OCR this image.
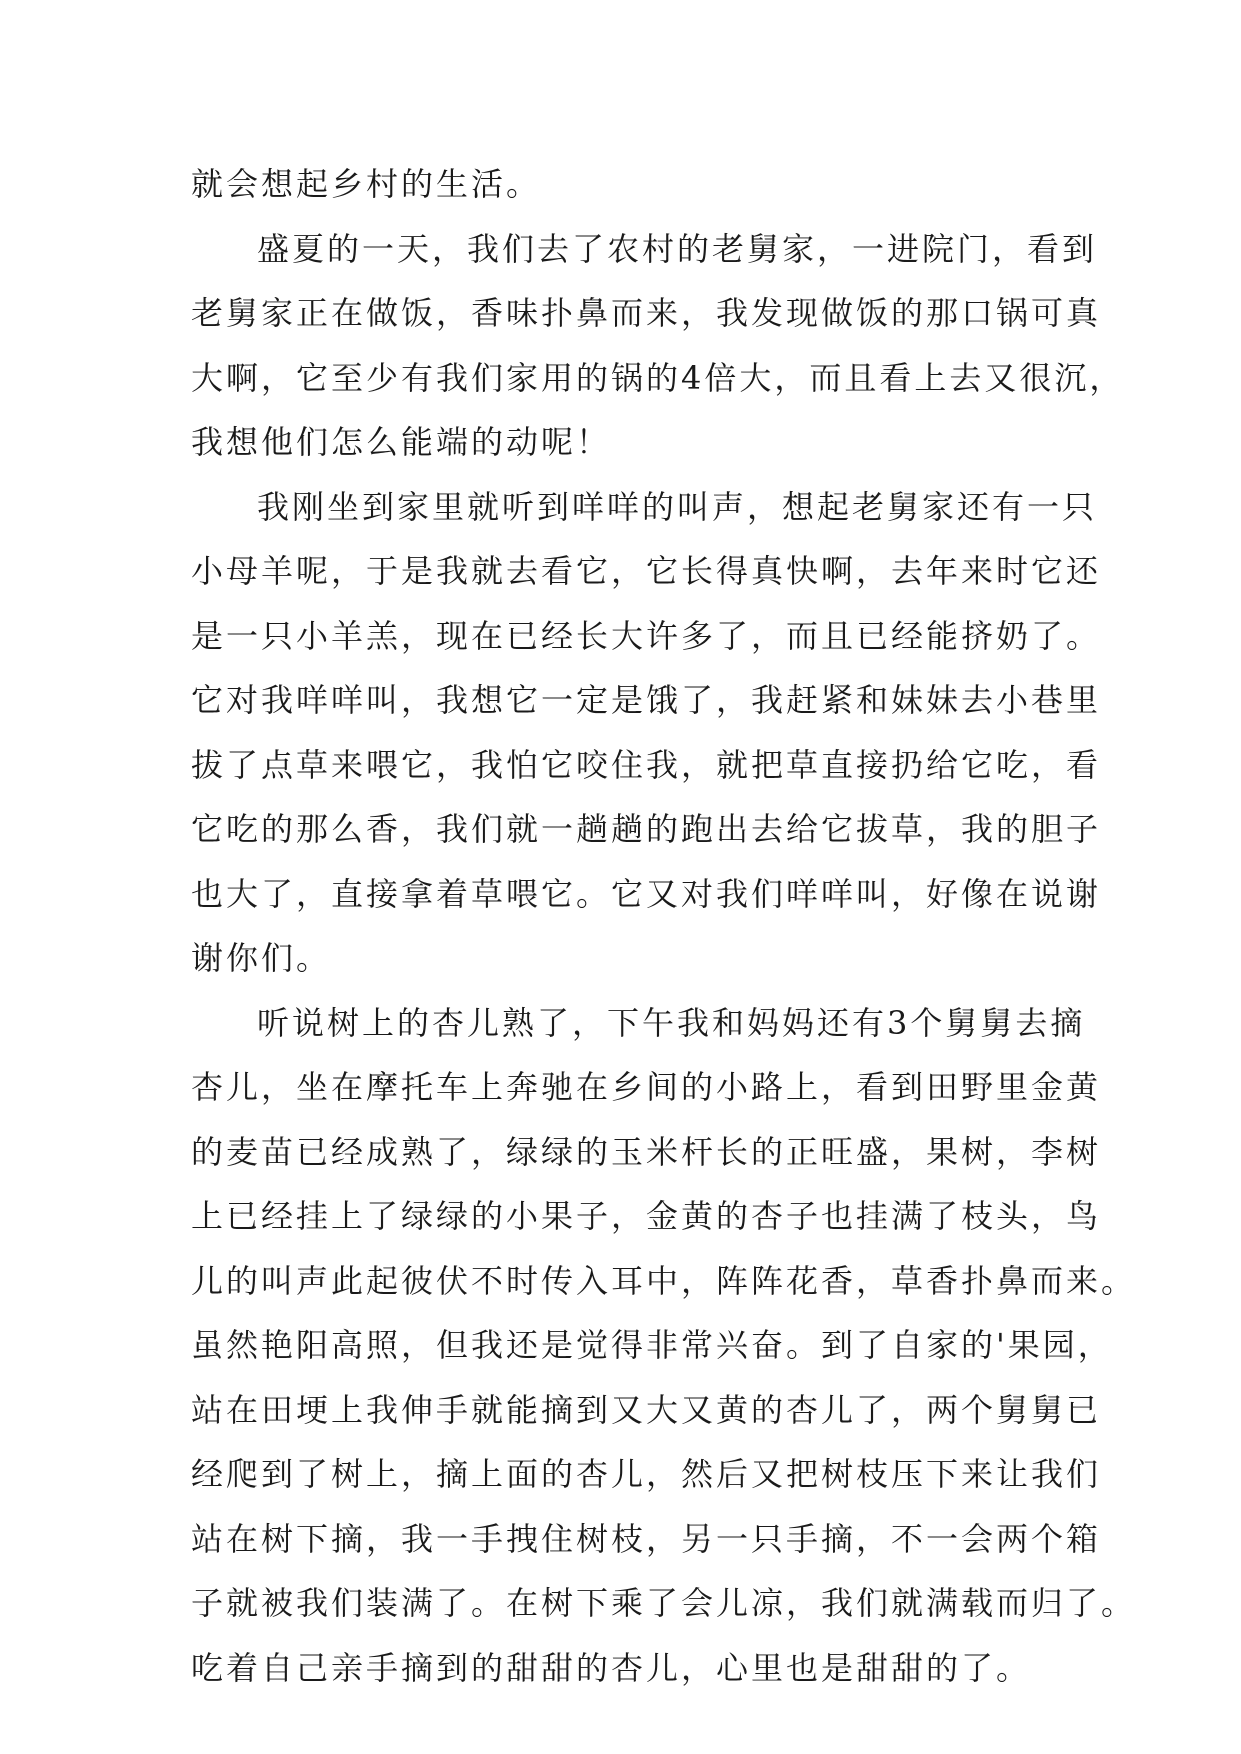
就会想起乡村的生活。
盛夏的一天，我们去了农村的老舅家，一进院门，看到
老舅家正在做饭，香味扑鼻而来，我发现做饭的那口锅可真
大啊，它至少有我们家用的锅的4倍大，而且看上去又很沉，
我想他们怎么能端的动呢！
我刚坐到家里就听到咩咩的叫声，想起老舅家还有一只
小母羊呢，于是我就去看它，它长得真快啊，去年来时它还
是一只小羊羔，现在已经长大许多了，而且已经能挤奶了。
它对我咩咩叫，我想它一定是饿了，我赶紧和妹妹去小巷里
拔了点草来喂它，我怕它咬住我，就把草直接扔给它吃，看
它吃的那么香，我们就一趟趟的跑出去给它拔草，我的胆子
也大了，直接拿着草喂它。它又对我们咩咩叫，好像在说谢
谢你们。
听说树上的杏儿熟了，下午我和妈妈还有3个舅舅去摘
杏儿，坐在摩托车上奔驰在乡间的小路上，看到田野里金黄
的麦苗已经成熟了，绿绿的玉米杆长的正旺盛，果树，李树
上已经挂上了绿绿的小果子，金黄的杏子也挂满了枝头，鸟
儿的叫声此起彼伏不时传入耳中，阵阵花香，草香扑鼻而来。
虽然艳阳高照，但我还是觉得非常兴奋。到了自家的'果园，
站在田埂上我伸手就能摘到又大又黄的杏儿了，两个舅舅已
经爬到了树上，摘上面的杏儿，然后又把树枝压下来让我们
站在树下摘，我一手拽住树枝，另一只手摘，不一会两个箱
子就被我们装满了。在树下乘了会儿凉，我们就满载而归了。
吃着自己亲手摘到的甜甜的杏儿，心里也是甜甜的了。
